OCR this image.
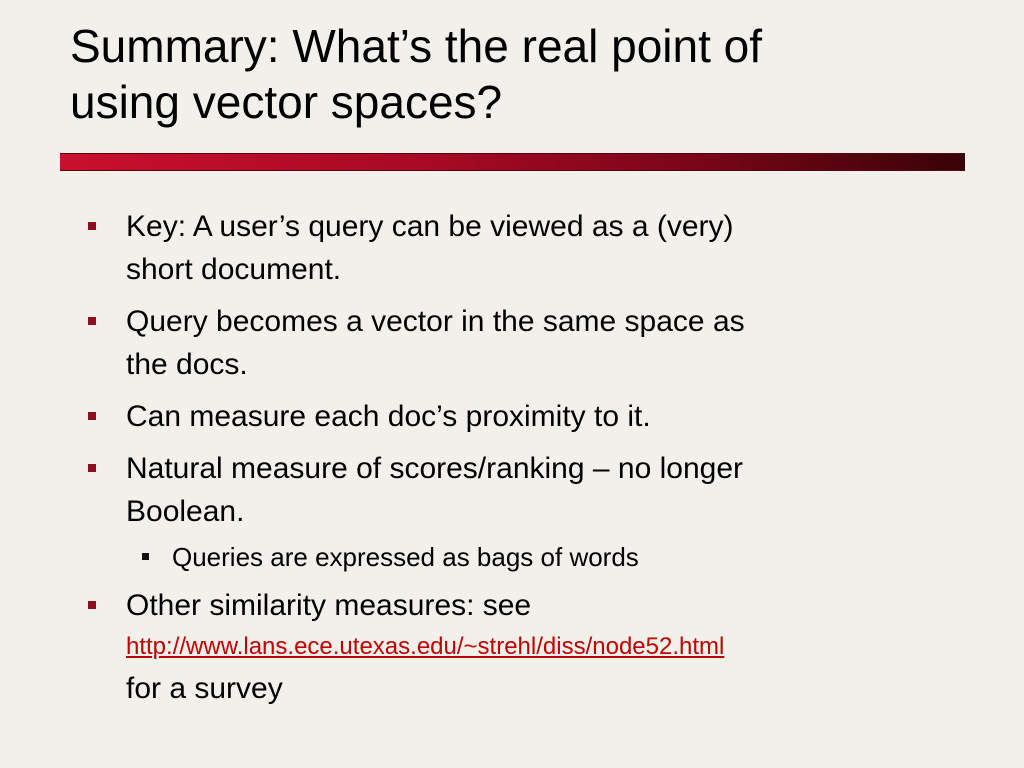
Summary: What’s the real point of
using vector spaces?
Key: A user’s query can be viewed as a (very)
short document.
Query becomes a vector in the same space as
the docs.
Can measure each doc’s proximity to it.
Natural measure of scores/ranking – no longer
Boolean.
Queries are expressed as bags of words
Other similarity measures: see
http://www.lans.ece.utexas.edu/~strehl/diss/node52.html
for a survey
